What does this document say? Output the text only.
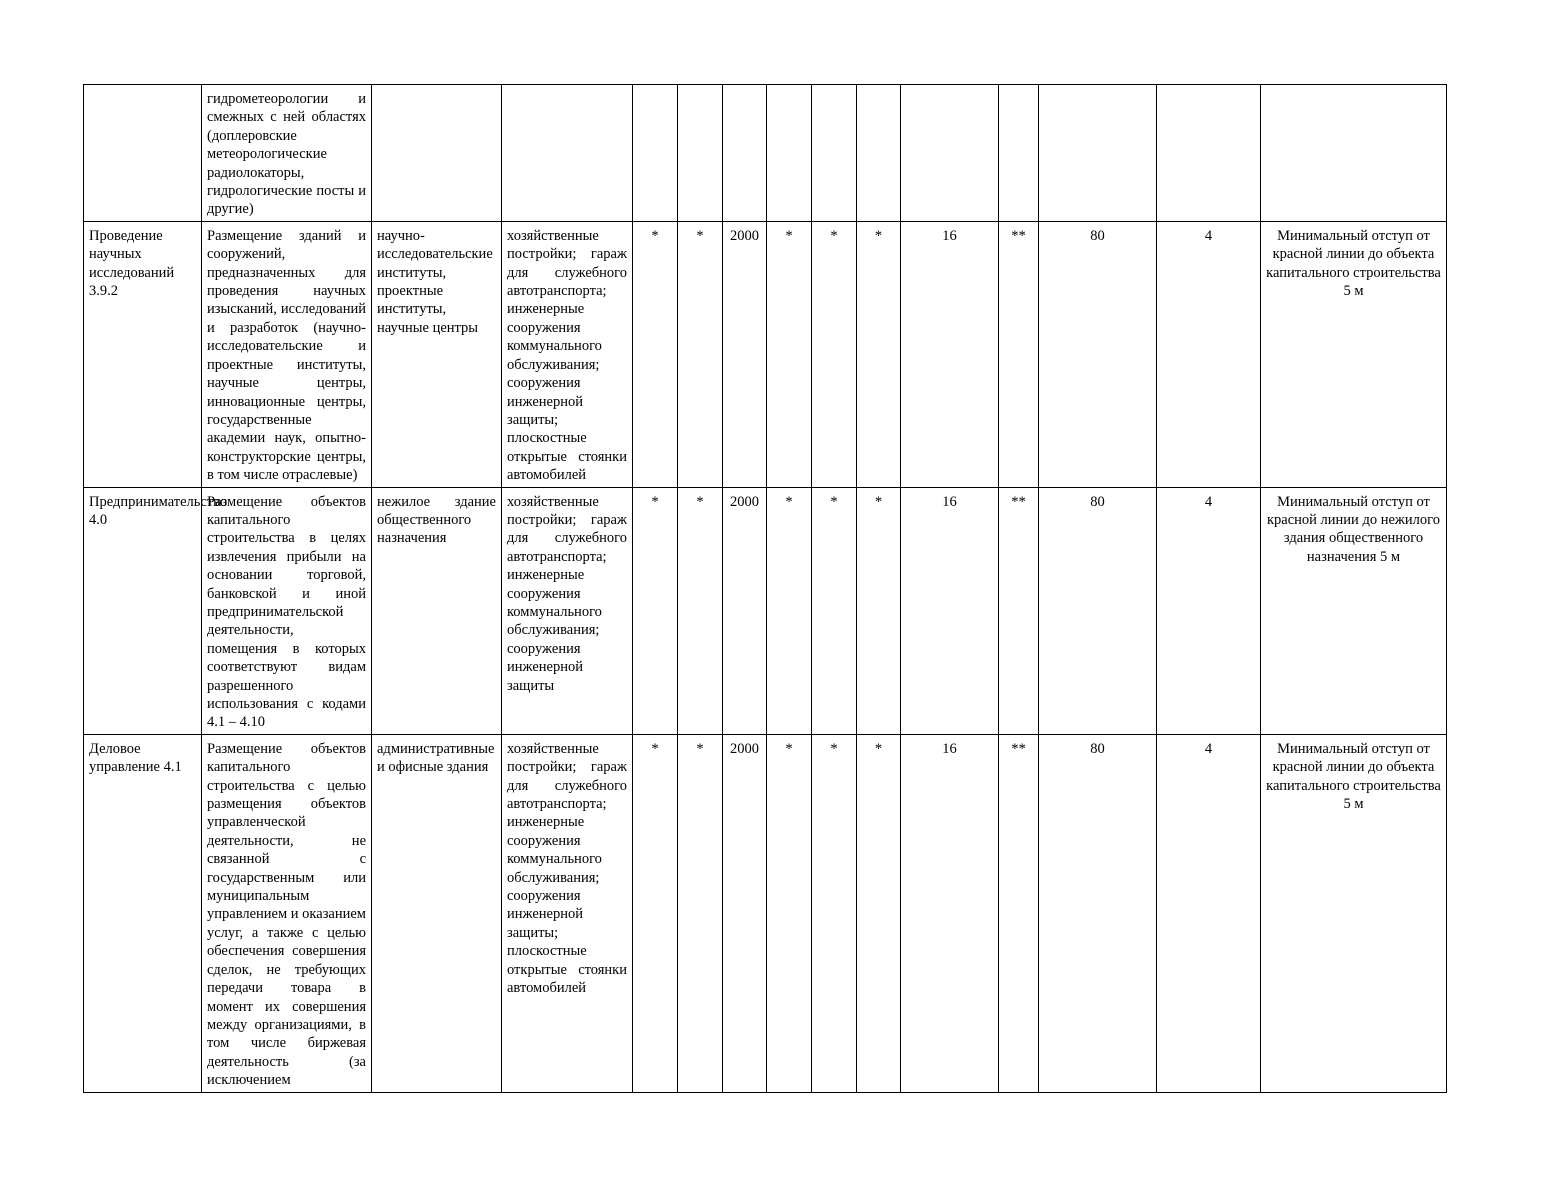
	гидрометеорологии и смежных с ней областях (доплеровские метеорологические радиолокаторы, гидрологические посты и другие)													
Проведение научных исследований 3.9.2	Размещение зданий и сооружений, предназначенных для проведения научных изысканий, исследований и разработок (научно-исследовательские и проектные институты, научные центры, инновационные центры, государственные академии наук, опытно-конструкторские центры, в том числе отраслевые)	научно-исследовательские институты, проектные институты, научные центры	хозяйственные постройки; гараж для служебного автотранспорта; инженерные сооружения коммунального обслуживания; сооружения инженерной защиты; плоскостные открытые стоянки автомобилей	*	*	2000	*	*	*	16	**	80	4	Минимальный отступ от красной линии до объекта капитального строительства 5 м
Предпринимательство 4.0	Размещение объектов капитального строительства в целях извлечения прибыли на основании торговой, банковской и иной предпринимательской деятельности, помещения в которых соответствуют видам разрешенного использования с кодами 4.1 – 4.10	нежилое здание общественного назначения	хозяйственные постройки; гараж для служебного автотранспорта; инженерные сооружения коммунального обслуживания; сооружения инженерной защиты	*	*	2000	*	*	*	16	**	80	4	Минимальный отступ от красной линии до нежилого здания общественного назначения 5 м
Деловое управление 4.1	Размещение объектов капитального строительства с целью размещения объектов управленческой деятельности, не связанной с государственным или муниципальным управлением и оказанием услуг, а также с целью обеспечения совершения сделок, не требующих передачи товара в момент их совершения между организациями, в том числе биржевая деятельность (за исключением	административные и офисные здания	хозяйственные постройки; гараж для служебного автотранспорта; инженерные сооружения коммунального обслуживания; сооружения инженерной защиты; плоскостные открытые стоянки автомобилей	*	*	2000	*	*	*	16	**	80	4	Минимальный отступ от красной линии до объекта капитального строительства 5 м
